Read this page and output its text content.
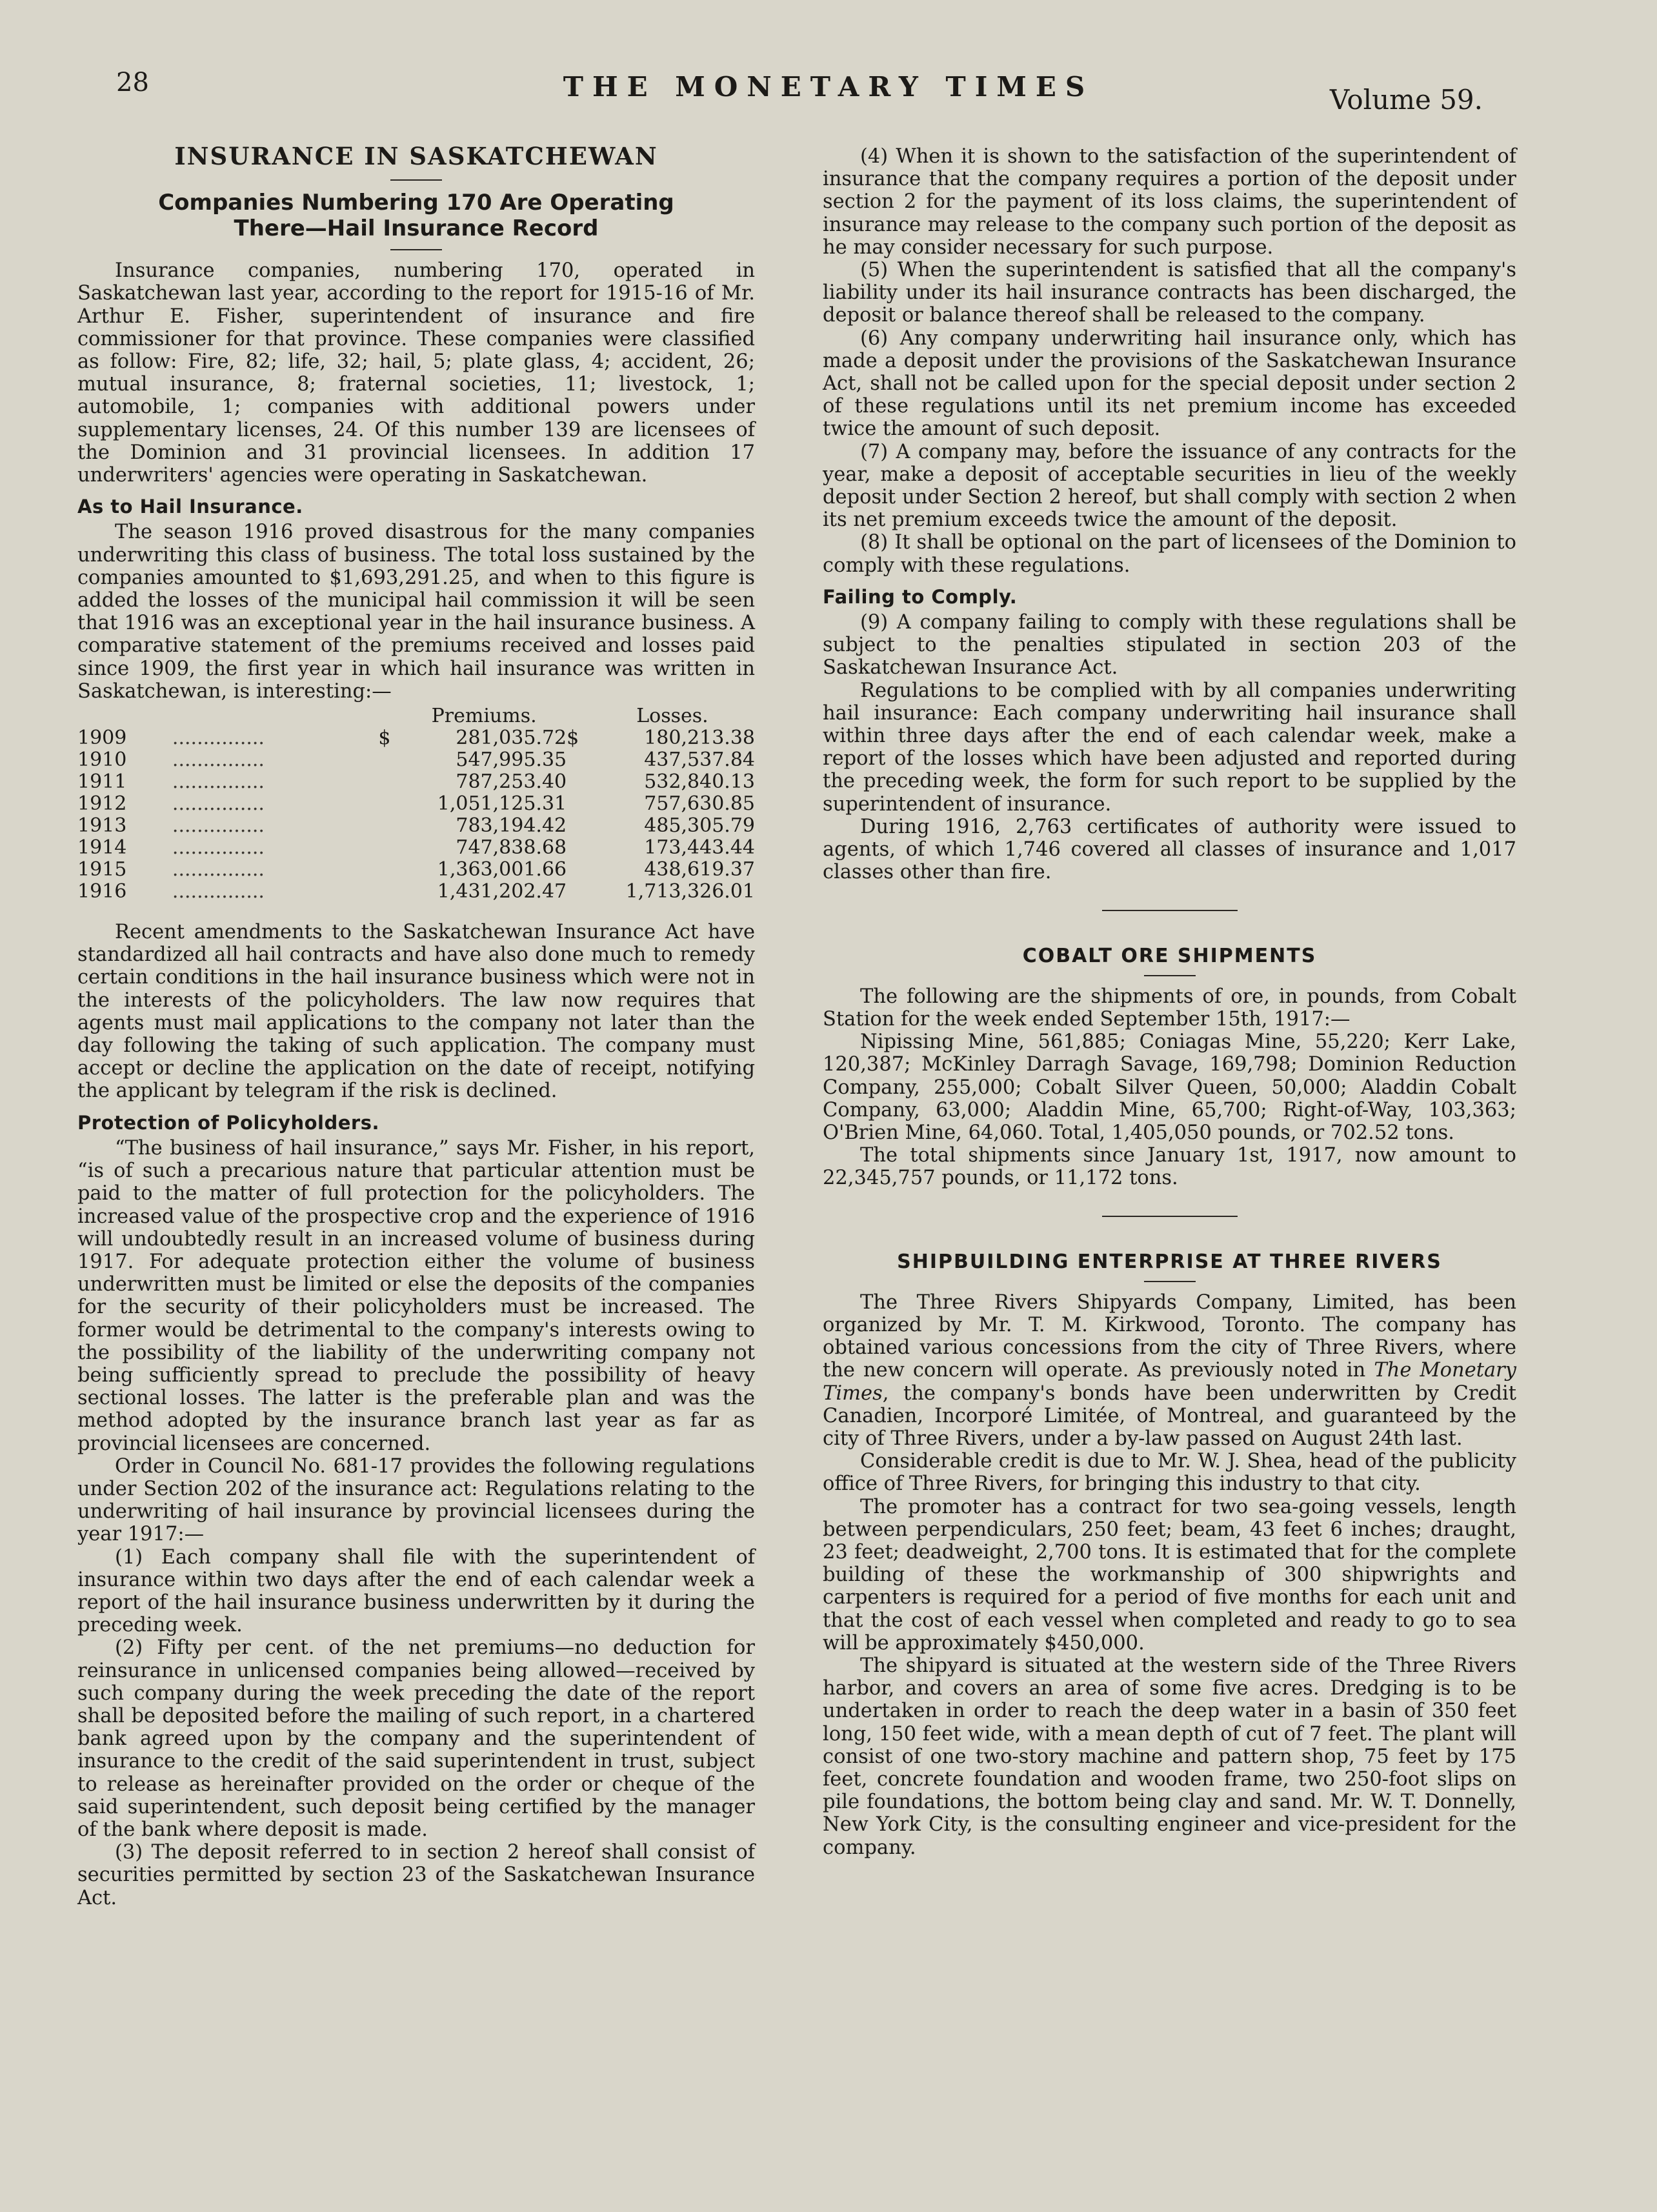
28	THE MONETARY TIMES	Volume 59.
INSURANCE IN SASKATCHEWAN
Companies Numbering 170 Are Operating There—Hail Insurance Record

Insurance companies, numbering 170, operated in Saskatchewan last year, according to the report for 1915-16 of Mr. Arthur E. Fisher, superintendent of insurance and fire commissioner for that province. These companies were classified as follow: Fire, 82; life, 32; hail, 5; plate glass, 4; accident, 26; mutual insurance, 8; fraternal societies, 11; livestock, 1; automobile, 1; companies with additional powers under supplementary licenses, 24. Of this number 139 are licensees of the Dominion and 31 provincial licensees. In addition 17 underwriters' agencies were operating in Saskatchewan.

As to Hail Insurance.

The season 1916 proved disastrous for the many companies underwriting this class of business. The total loss sustained by the companies amounted to $1,693,291.25, and when to this figure is added the losses of the municipal hail commission it will be seen that 1916 was an exceptional year in the hail insurance business. A comparative statement of the premiums received and losses paid since 1909, the first year in which hail insurance was written in Saskatchewan, is interesting:—

			Premiums.		Losses.
1909	...............	$	281,035.72	$	180,213.38
1910	...............		547,995.35		437,537.84
1911	...............		787,253.40		532,840.13
1912	...............		1,051,125.31		757,630.85
1913	...............		783,194.42		485,305.79
1914	...............		747,838.68		173,443.44
1915	...............		1,363,001.66		438,619.37
1916	...............		1,431,202.47		1,713,326.01

Recent amendments to the Saskatchewan Insurance Act have standardized all hail contracts and have also done much to remedy certain conditions in the hail insurance business which were not in the interests of the policyholders. The law now requires that agents must mail applications to the company not later than the day following the taking of such application. The company must accept or decline the application on the date of receipt, notifying the applicant by telegram if the risk is declined.

Protection of Policyholders.

“The business of hail insurance,” says Mr. Fisher, in his report, “is of such a precarious nature that particular attention must be paid to the matter of full protection for the policyholders. The increased value of the prospective crop and the experience of 1916 will undoubtedly result in an increased volume of business during 1917. For adequate protection either the volume of business underwritten must be limited or else the deposits of the companies for the security of their policyholders must be increased. The former would be detrimental to the company's interests owing to the possibility of the liability of the underwriting company not being sufficiently spread to preclude the possibility of heavy sectional losses. The latter is the preferable plan and was the method adopted by the insurance branch last year as far as provincial licensees are concerned.

Order in Council No. 681-17 provides the following regulations under Section 202 of the insurance act: Regulations relating to the underwriting of hail insurance by provincial licensees during the year 1917:—

(1) Each company shall file with the superintendent of insurance within two days after the end of each calendar week a report of the hail insurance business underwritten by it during the preceding week.

(2) Fifty per cent. of the net premiums—no deduction for reinsurance in unlicensed companies being allowed—received by such company during the week preceding the date of the report shall be deposited before the mailing of such report, in a chartered bank agreed upon by the company and the superintendent of insurance to the credit of the said superintendent in trust, subject to release as hereinafter provided on the order or cheque of the said superintendent, such deposit being certified by the manager of the bank where deposit is made.

(3) The deposit referred to in section 2 hereof shall consist of securities permitted by section 23 of the Saskatchewan Insurance Act.

(4) When it is shown to the satisfaction of the superintendent of insurance that the company requires a portion of the deposit under section 2 for the payment of its loss claims, the superintendent of insurance may release to the company such portion of the deposit as he may consider necessary for such purpose.

(5) When the superintendent is satisfied that all the company's liability under its hail insurance contracts has been discharged, the deposit or balance thereof shall be released to the company.

(6) Any company underwriting hail insurance only, which has made a deposit under the provisions of the Saskatchewan Insurance Act, shall not be called upon for the special deposit under section 2 of these regulations until its net premium income has exceeded twice the amount of such deposit.

(7) A company may, before the issuance of any contracts for the year, make a deposit of acceptable securities in lieu of the weekly deposit under Section 2 hereof, but shall comply with section 2 when its net premium exceeds twice the amount of the deposit.

(8) It shall be optional on the part of licensees of the Dominion to comply with these regulations.

Failing to Comply.

(9) A company failing to comply with these regulations shall be subject to the penalties stipulated in section 203 of the Saskatchewan Insurance Act.

Regulations to be complied with by all companies underwriting hail insurance: Each company underwriting hail insurance shall within three days after the end of each calendar week, make a report of the losses which have been adjusted and reported during the preceding week, the form for such report to be supplied by the superintendent of insurance.

During 1916, 2,763 certificates of authority were issued to agents, of which 1,746 covered all classes of insurance and 1,017 classes other than fire.

COBALT ORE SHIPMENTS

The following are the shipments of ore, in pounds, from Cobalt Station for the week ended September 15th, 1917:—

Nipissing Mine, 561,885; Coniagas Mine, 55,220; Kerr Lake, 120,387; McKinley Darragh Savage, 169,798; Dominion Reduction Company, 255,000; Cobalt Silver Queen, 50,000; Aladdin Cobalt Company, 63,000; Aladdin Mine, 65,700; Right-of-Way, 103,363; O'Brien Mine, 64,060. Total, 1,405,050 pounds, or 702.52 tons.

The total shipments since January 1st, 1917, now amount to 22,345,757 pounds, or 11,172 tons.

SHIPBUILDING ENTERPRISE AT THREE RIVERS

The Three Rivers Shipyards Company, Limited, has been organized by Mr. T. M. Kirkwood, Toronto. The company has obtained various concessions from the city of Three Rivers, where the new concern will operate. As previously noted in The Monetary Times, the company's bonds have been underwritten by Credit Canadien, Incorporé Limitée, of Montreal, and guaranteed by the city of Three Rivers, under a by-law passed on August 24th last.

Considerable credit is due to Mr. W. J. Shea, head of the publicity office of Three Rivers, for bringing this industry to that city.

The promoter has a contract for two sea-going vessels, length between perpendiculars, 250 feet; beam, 43 feet 6 inches; draught, 23 feet; deadweight, 2,700 tons. It is estimated that for the complete building of these the workmanship of 300 shipwrights and carpenters is required for a period of five months for each unit and that the cost of each vessel when completed and ready to go to sea will be approximately $450,000.

The shipyard is situated at the western side of the Three Rivers harbor, and covers an area of some five acres. Dredging is to be undertaken in order to reach the deep water in a basin of 350 feet long, 150 feet wide, with a mean depth of cut of 7 feet. The plant will consist of one two-story machine and pattern shop, 75 feet by 175 feet, concrete foundation and wooden frame, two 250-foot slips on pile foundations, the bottom being clay and sand. Mr. W. T. Donnelly, New York City, is the consulting engineer and vice-president for the company.
